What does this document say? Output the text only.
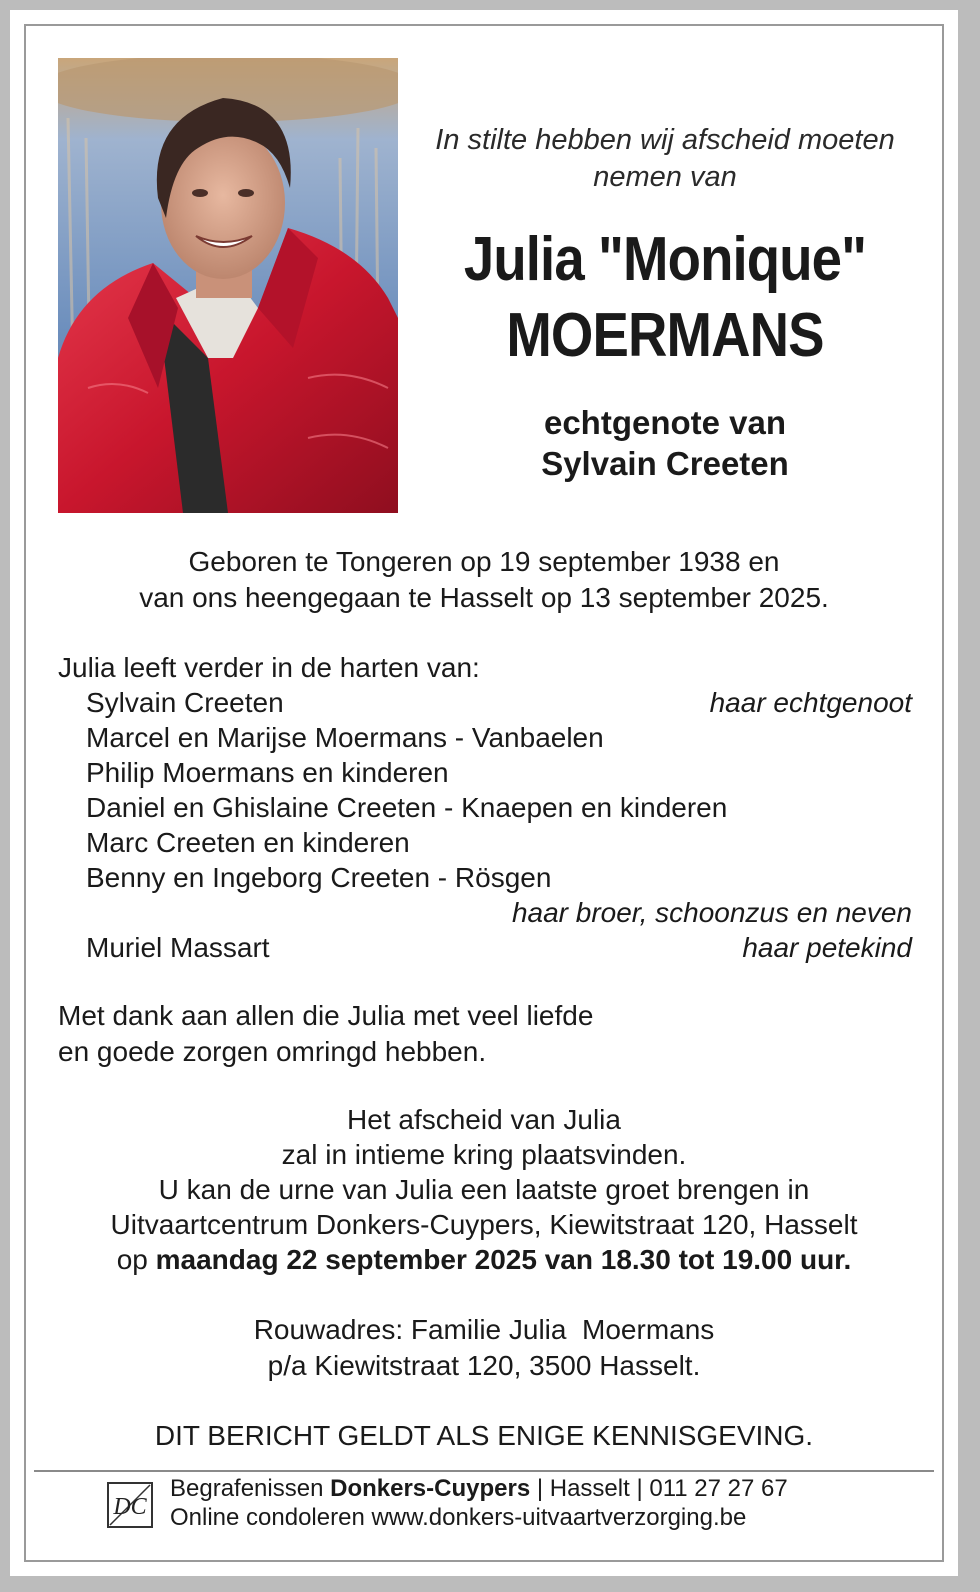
In stilte hebben wij afscheid moeten
nemen van
Julia "Monique"
MOERMANS
echtgenote van
Sylvain Creeten
Geboren te Tongeren op 19 september 1938 en
van ons heengegaan te Hasselt op 13 september 2025.
Julia leeft verder in de harten van:
Sylvain Creeten	haar echtgenoot
Marcel en Marijse Moermans - Vanbaelen
Philip Moermans en kinderen
Daniel en Ghislaine Creeten - Knaepen en kinderen
Marc Creeten en kinderen
Benny en Ingeborg Creeten - Rösgen
haar broer, schoonzus en neven
Muriel Massart	haar petekind
Met dank aan allen die Julia met veel liefde
en goede zorgen omringd hebben.
Het afscheid van Julia
zal in intieme kring plaatsvinden.
U kan de urne van Julia een laatste groet brengen in
Uitvaartcentrum Donkers-Cuypers, Kiewitstraat 120, Hasselt
op maandag 22 september 2025 van 18.30 tot 19.00 uur.
Rouwadres: Familie Julia  Moermans
p/a Kiewitstraat 120, 3500 Hasselt.
DIT BERICHT GELDT ALS ENIGE KENNISGEVING.
DC
Begrafenissen Donkers-Cuypers | Hasselt | 011 27 27 67
Online condoleren www.donkers-uitvaartverzorging.be
